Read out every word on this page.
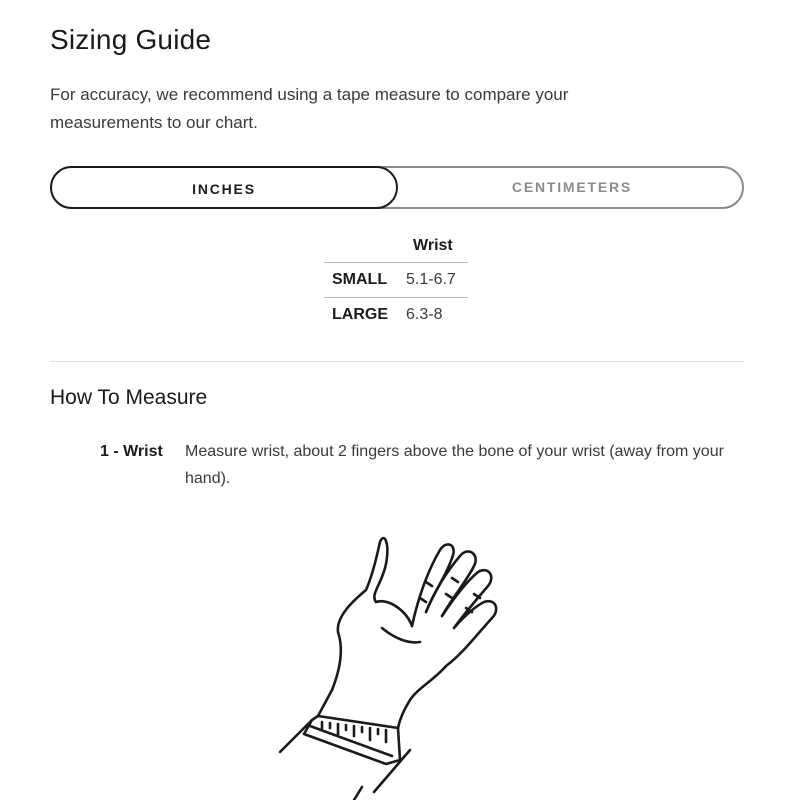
Sizing Guide

For accuracy, we recommend using a tape measure to compare your measurements to our chart.

CENTIMETERS
INCHES
	Wrist
SMALL	5.1-6.7
LARGE	6.3-8
How To Measure
1 - Wrist Measure wrist, about 2 fingers above the bone of your wrist (away from your hand).
